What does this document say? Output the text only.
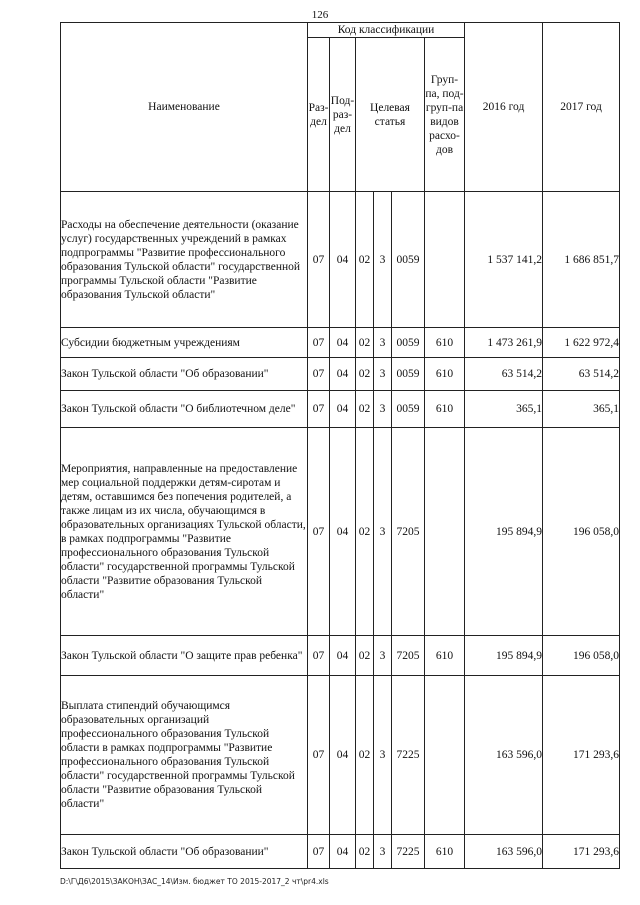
126
Наименование	Код классификации						2016 год	2017 год
	Раз-дел	Под-раз-дел	Целевая статья			Груп-па, под-груп-па видов расхо-дов		
Расходы на обеспечение деятельности (оказание услуг) государственных учреждений в рамках подпрограммы "Развитие профессионального образования Тульской области" государственной программы Тульской области "Развитие образования Тульской области"	07	04	02	3	0059		1 537 141,2	1 686 851,7
Субсидии бюджетным учреждениям	07	04	02	3	0059	610	1 473 261,9	1 622 972,4
Закон Тульской области "Об образовании"	07	04	02	3	0059	610	63 514,2	63 514,2
Закон Тульской области "О библиотечном деле"	07	04	02	3	0059	610	365,1	365,1
Мероприятия, направленные на предоставление мер социальной поддержки детям-сиротам и детям, оставшимся без попечения родителей, а также лицам из их числа, обучающимся в образовательных организациях Тульской области, в рамках подпрограммы "Развитие профессионального образования Тульской области" государственной программы Тульской области "Развитие образования Тульской области"	07	04	02	3	7205		195 894,9	196 058,0
Закон Тульской области "О защите прав ребенка"	07	04	02	3	7205	610	195 894,9	196 058,0
Выплата стипендий обучающимся образовательных организаций профессионального образования Тульской области в рамках подпрограммы "Развитие профессионального образования Тульской области" государственной программы Тульской области "Развитие образования Тульской области"	07	04	02	3	7225		163 596,0	171 293,6
Закон Тульской области "Об образовании"	07	04	02	3	7225	610	163 596,0	171 293,6
D:\Г\Д6\2015\ЗАКОН\ЗАС_14\Изм. бюджет ТО 2015-2017_2 чт\pr4.xls
